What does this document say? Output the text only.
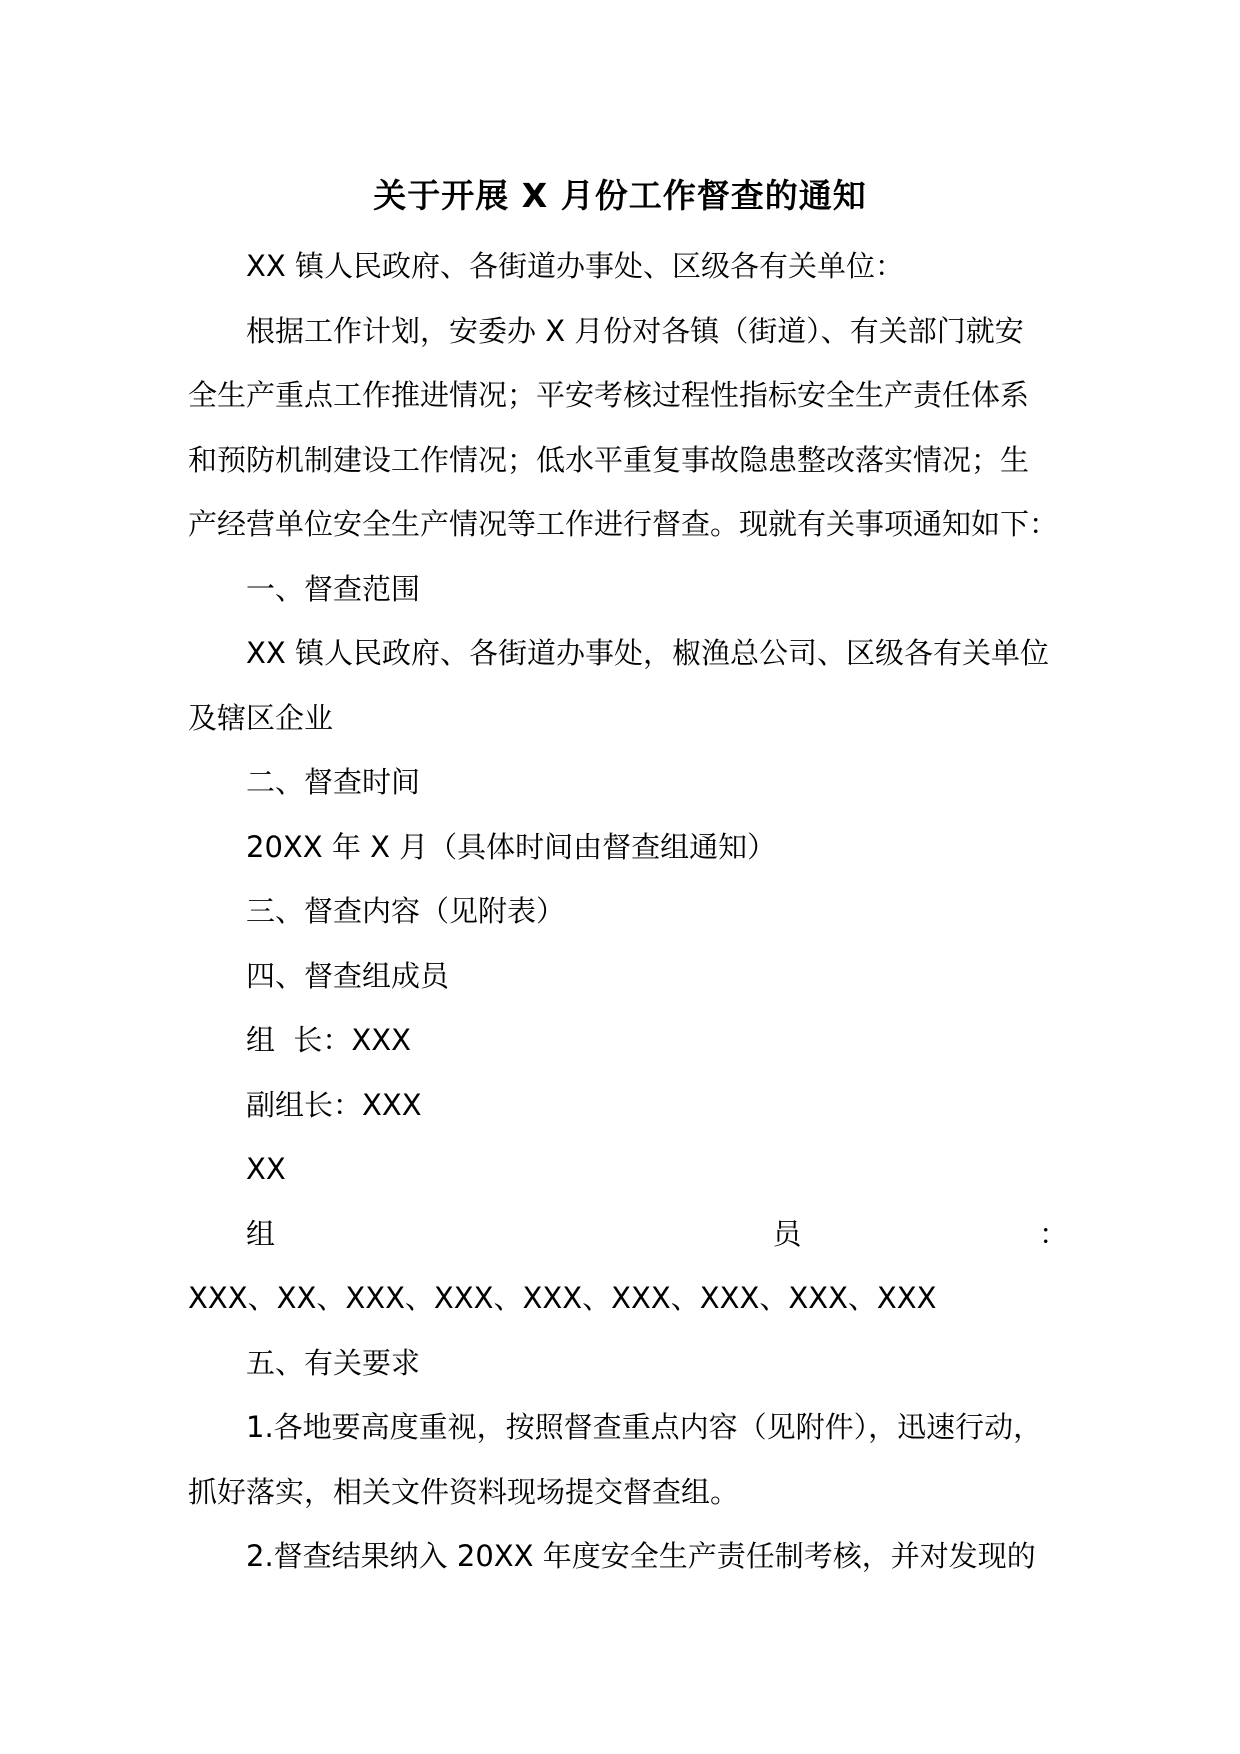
关于开展 X 月份工作督查的通知

XX 镇人民政府、各街道办事处、区级各有关单位：

根据工作计划，安委办 X 月份对各镇（街道）、有关部门就安

全生产重点工作推进情况；平安考核过程性指标安全生产责任体系

和预防机制建设工作情况；低水平重复事故隐患整改落实情况；生

产经营单位安全生产情况等工作进行督查。现就有关事项通知如下：

一、督查范围

XX 镇人民政府、各街道办事处，椒渔总公司、区级各有关单位

及辖区企业

二、督查时间

20XX 年 X 月（具体时间由督查组通知）

三、督查内容（见附表）

四、督查组成员

组  长：XXX

副组长：XXX

XX

组	员	：

XXX、XX、XXX、XXX、XXX、XXX、XXX、XXX、XXX

五、有关要求

1.各地要高度重视，按照督查重点内容（见附件），迅速行动，

抓好落实，相关文件资料现场提交督查组。

2.督查结果纳入 20XX 年度安全生产责任制考核，并对发现的
